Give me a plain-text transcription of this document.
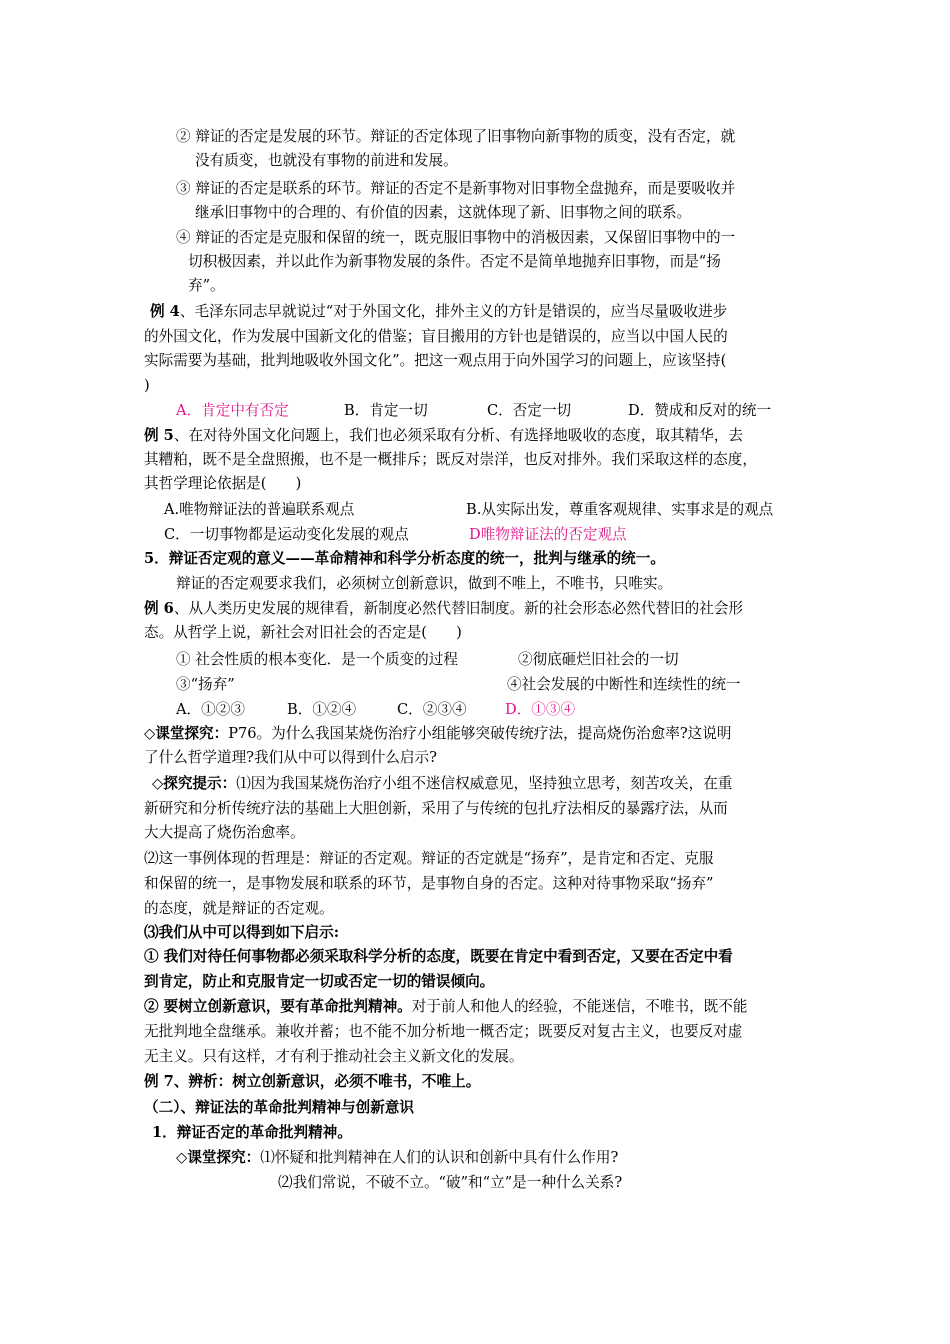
② 辩证的否定是发展的环节。辩证的否定体现了旧事物向新事物的质变，没有否定，就
没有质变，也就没有事物的前进和发展。
③ 辩证的否定是联系的环节。辩证的否定不是新事物对旧事物全盘抛弃，而是要吸收并
继承旧事物中的合理的、有价值的因素，这就体现了新、旧事物之间的联系。
④ 辩证的否定是克服和保留的统一，既克服旧事物中的消极因素，又保留旧事物中的一
切积极因素，并以此作为新事物发展的条件。否定不是简单地抛弃旧事物，而是“扬
弃”。
例 4、毛泽东同志早就说过“对于外国文化，排外主义的方针是错误的，应当尽量吸收进步
的外国文化，作为发展中国新文化的借鉴；盲目搬用的方针也是错误的，应当以中国人民的
实际需要为基础，批判地吸收外国文化”。把这一观点用于向外国学习的问题上，应该坚持(
)
A．肯定中有否定	B．肯定一切	C．否定一切	D．赞成和反对的统一
例 5、在对待外国文化问题上，我们也必须采取有分析、有选择地吸收的态度，取其精华，去
其糟粕，既不是全盘照搬，也不是一概排斥；既反对崇洋，也反对排外。我们采取这样的态度，
其哲学理论依据是(　　)
A.唯物辩证法的普遍联系观点	B.从实际出发，尊重客观规律、实事求是的观点
C．一切事物都是运动变化发展的观点	D唯物辩证法的否定观点
5．辩证否定观的意义——革命精神和科学分析态度的统一，批判与继承的统一。
辩证的否定观要求我们，必须树立创新意识，做到不唯上，不唯书，只唯实。
例 6、从人类历史发展的规律看，新制度必然代替旧制度。新的社会形态必然代替旧的社会形
态。从哲学上说，新社会对旧社会的否定是(　　)
① 社会性质的根本变化．是一个质变的过程	②彻底砸烂旧社会的一切
③“扬弃”	④社会发展的中断性和连续性的统一
A．①②③	B．①②④	C．②③④	D．①③④
◇课堂探究：P76。为什么我国某烧伤治疗小组能够突破传统疗法，提高烧伤治愈率?这说明
了什么哲学道理?我们从中可以得到什么启示?
◇探究提示：⑴因为我国某烧伤治疗小组不迷信权威意见，坚持独立思考，刻苦攻关，在重
新研究和分析传统疗法的基础上大胆创新，采用了与传统的包扎疗法相反的暴露疗法，从而
大大提高了烧伤治愈率。
⑵这一事例体现的哲理是：辩证的否定观。辩证的否定就是“扬弃”，是肯定和否定、克服
和保留的统一，是事物发展和联系的环节，是事物自身的否定。这种对待事物采取“扬弃”
的态度，就是辩证的否定观。
⑶我们从中可以得到如下启示:
① 我们对待任何事物都必须采取科学分析的态度，既要在肯定中看到否定，又要在否定中看
到肯定，防止和克服肯定一切或否定一切的错误倾向。
② 要树立创新意识，要有革命批判精神。对于前人和他人的经验，不能迷信，不唯书，既不能
无批判地全盘继承。兼收并蓄；也不能不加分析地一概否定；既要反对复古主义，也要反对虚
无主义。只有这样，才有利于推动社会主义新文化的发展。
例 7、辨析：树立创新意识，必须不唯书，不唯上。
（二）、辩证法的革命批判精神与创新意识
1．辩证否定的革命批判精神。
◇课堂探究：⑴怀疑和批判精神在人们的认识和创新中具有什么作用?
⑵我们常说，不破不立。“破”和“立”是一种什么关系?
